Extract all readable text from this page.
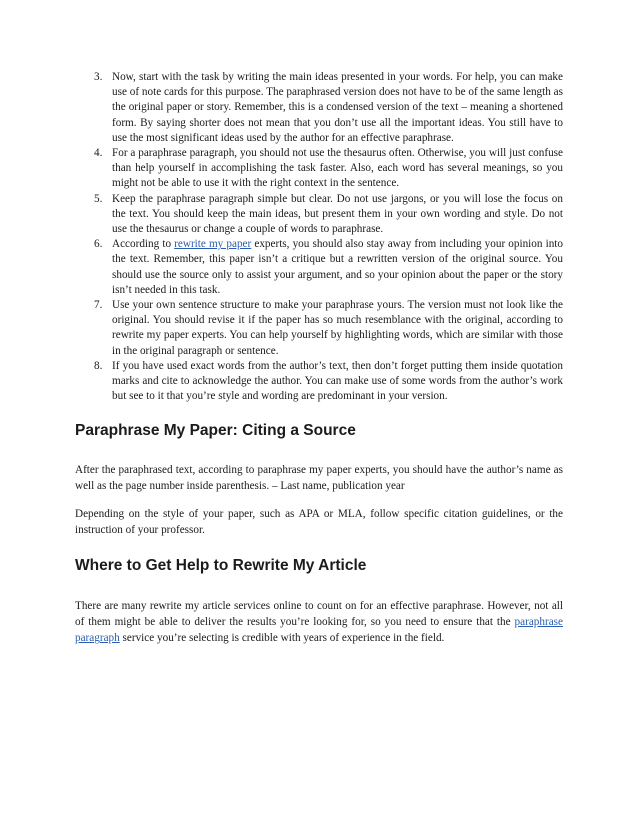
3. Now, start with the task by writing the main ideas presented in your words. For help, you can make use of note cards for this purpose. The paraphrased version does not have to be of the same length as the original paper or story. Remember, this is a condensed version of the text – meaning a shortened form. By saying shorter does not mean that you don’t use all the important ideas. You still have to use the most significant ideas used by the author for an effective paraphrase.
4. For a paraphrase paragraph, you should not use the thesaurus often. Otherwise, you will just confuse than help yourself in accomplishing the task faster. Also, each word has several meanings, so you might not be able to use it with the right context in the sentence.
5. Keep the paraphrase paragraph simple but clear. Do not use jargons, or you will lose the focus on the text. You should keep the main ideas, but present them in your own wording and style. Do not use the thesaurus or change a couple of words to paraphrase.
6. According to rewrite my paper experts, you should also stay away from including your opinion into the text. Remember, this paper isn’t a critique but a rewritten version of the original source. You should use the source only to assist your argument, and so your opinion about the paper or the story isn’t needed in this task.
7. Use your own sentence structure to make your paraphrase yours. The version must not look like the original. You should revise it if the paper has so much resemblance with the original, according to rewrite my paper experts. You can help yourself by highlighting words, which are similar with those in the original paragraph or sentence.
8. If you have used exact words from the author’s text, then don’t forget putting them inside quotation marks and cite to acknowledge the author. You can make use of some words from the author’s work but see to it that you’re style and wording are predominant in your version.
Paraphrase My Paper: Citing a Source

After the paraphrased text, according to paraphrase my paper experts, you should have the author’s name as well as the page number inside parenthesis. – Last name, publication year

Depending on the style of your paper, such as APA or MLA, follow specific citation guidelines, or the instruction of your professor.

Where to Get Help to Rewrite My Article

There are many rewrite my article services online to count on for an effective paraphrase. However, not all of them might be able to deliver the results you’re looking for, so you need to ensure that the paraphrase paragraph service you’re selecting is credible with years of experience in the field.
